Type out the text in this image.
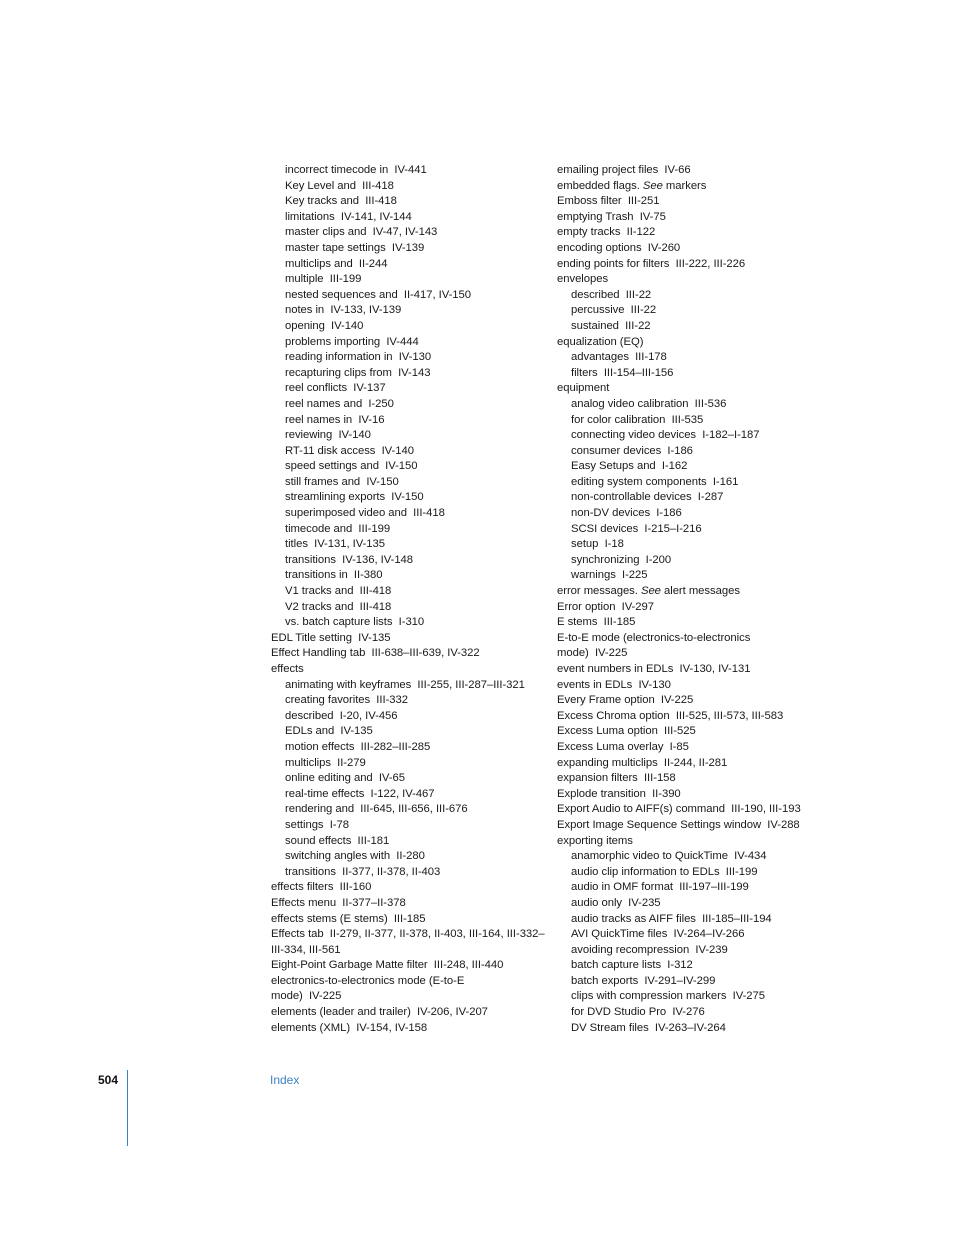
incorrect timecode in  IV-441
Key Level and  III-418
Key tracks and  III-418
limitations  IV-141, IV-144
master clips and  IV-47, IV-143
master tape settings  IV-139
multiclips and  II-244
multiple  III-199
nested sequences and  II-417, IV-150
notes in  IV-133, IV-139
opening  IV-140
problems importing  IV-444
reading information in  IV-130
recapturing clips from  IV-143
reel conflicts  IV-137
reel names and  I-250
reel names in  IV-16
reviewing  IV-140
RT-11 disk access  IV-140
speed settings and  IV-150
still frames and  IV-150
streamlining exports  IV-150
superimposed video and  III-418
timecode and  III-199
titles  IV-131, IV-135
transitions  IV-136, IV-148
transitions in  II-380
V1 tracks and  III-418
V2 tracks and  III-418
vs. batch capture lists  I-310
EDL Title setting  IV-135
Effect Handling tab  III-638–III-639, IV-322
effects
animating with keyframes  III-255, III-287–III-321
creating favorites  III-332
described  I-20, IV-456
EDLs and  IV-135
motion effects  III-282–III-285
multiclips  II-279
online editing and  IV-65
real-time effects  I-122, IV-467
rendering and  III-645, III-656, III-676
settings  I-78
sound effects  III-181
switching angles with  II-280
transitions  II-377, II-378, II-403
effects filters  III-160
Effects menu  II-377–II-378
effects stems (E stems)  III-185
Effects tab  II-279, II-377, II-378, II-403, III-164, III-332–
III-334, III-561
Eight-Point Garbage Matte filter  III-248, III-440
electronics-to-electronics mode (E-to-E
mode)  IV-225
elements (leader and trailer)  IV-206, IV-207
elements (XML)  IV-154, IV-158
emailing project files  IV-66
embedded flags. See markers
Emboss filter  III-251
emptying Trash  IV-75
empty tracks  II-122
encoding options  IV-260
ending points for filters  III-222, III-226
envelopes
described  III-22
percussive  III-22
sustained  III-22
equalization (EQ)
advantages  III-178
filters  III-154–III-156
equipment
analog video calibration  III-536
for color calibration  III-535
connecting video devices  I-182–I-187
consumer devices  I-186
Easy Setups and  I-162
editing system components  I-161
non-controllable devices  I-287
non-DV devices  I-186
SCSI devices  I-215–I-216
setup  I-18
synchronizing  I-200
warnings  I-225
error messages. See alert messages
Error option  IV-297
E stems  III-185
E-to-E mode (electronics-to-electronics
mode)  IV-225
event numbers in EDLs  IV-130, IV-131
events in EDLs  IV-130
Every Frame option  IV-225
Excess Chroma option  III-525, III-573, III-583
Excess Luma option  III-525
Excess Luma overlay  I-85
expanding multiclips  II-244, II-281
expansion filters  III-158
Explode transition  II-390
Export Audio to AIFF(s) command  III-190, III-193
Export Image Sequence Settings window  IV-288
exporting items
anamorphic video to QuickTime  IV-434
audio clip information to EDLs  III-199
audio in OMF format  III-197–III-199
audio only  IV-235
audio tracks as AIFF files  III-185–III-194
AVI QuickTime files  IV-264–IV-266
avoiding recompression  IV-239
batch capture lists  I-312
batch exports  IV-291–IV-299
clips with compression markers  IV-275
for DVD Studio Pro  IV-276
DV Stream files  IV-263–IV-264
504	Index
